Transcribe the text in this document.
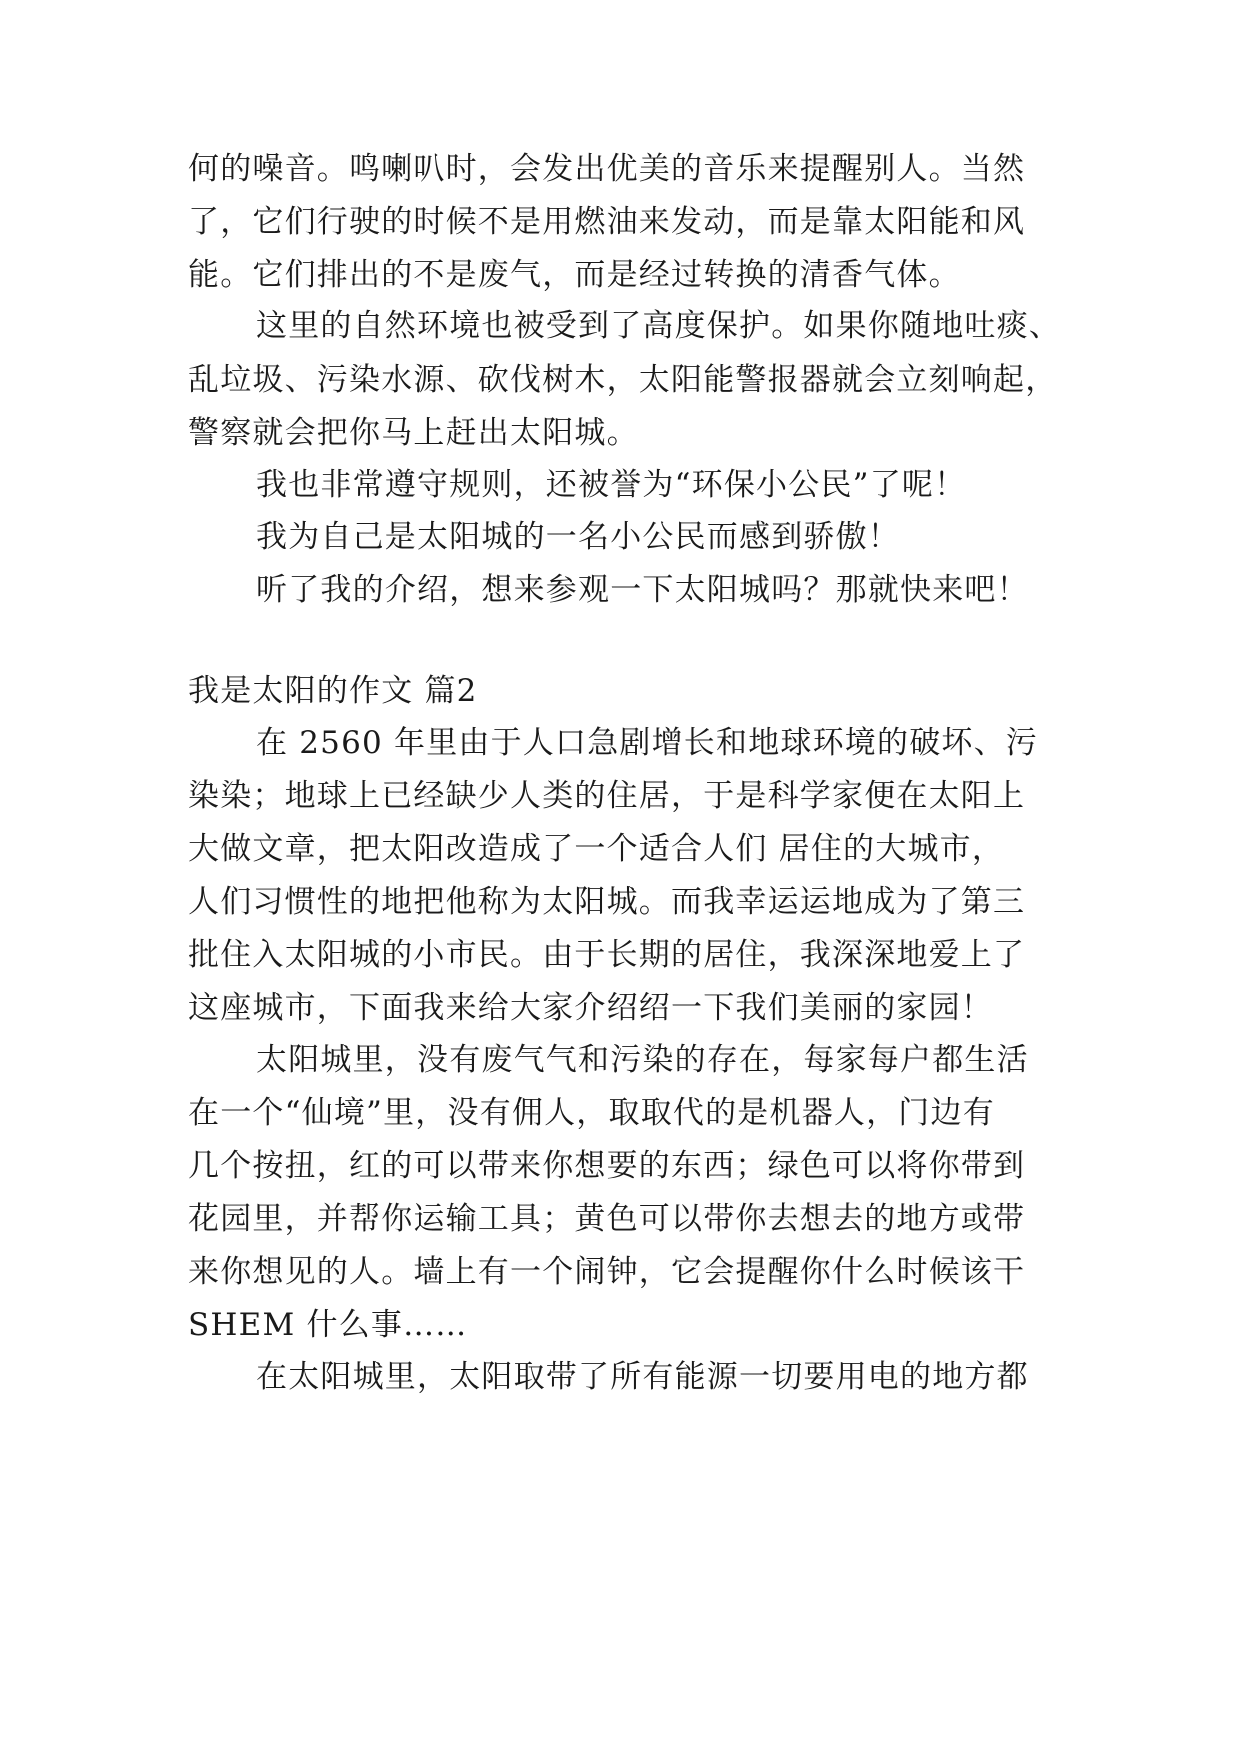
何的噪音。鸣喇叭时，会发出优美的音乐来提醒别人。当然
了，它们行驶的时候不是用燃油来发动，而是靠太阳能和风
能。它们排出的不是废气，而是经过转换的清香气体。
这里的自然环境也被受到了高度保护。如果你随地吐痰、
乱垃圾、污染水源、砍伐树木，太阳能警报器就会立刻响起，
警察就会把你马上赶出太阳城。
我也非常遵守规则，还被誉为“环保小公民”了呢！
我为自己是太阳城的一名小公民而感到骄傲！
听了我的介绍，想来参观一下太阳城吗？那就快来吧！
我是太阳的作文 篇2
在 2560 年里由于人口急剧增长和地球环境的破坏、污
染染；地球上已经缺少人类的住居，于是科学家便在太阳上
大做文章，把太阳改造成了一个适合人们 居住的大城市，
人们习惯性的地把他称为太阳城。而我幸运运地成为了第三
批住入太阳城的小市民。由于长期的居住，我深深地爱上了
这座城市，下面我来给大家介绍绍一下我们美丽的家园！
太阳城里，没有废气气和污染的存在，每家每户都生活
在一个“仙境”里，没有佣人，取取代的是机器人，门边有
几个按扭，红的可以带来你想要的东西；绿色可以将你带到
花园里，并帮你运输工具；黄色可以带你去想去的地方或带
来你想见的人。墙上有一个闹钟，它会提醒你什么时候该干
SHEM 什么事……
在太阳城里，太阳取带了所有能源一切要用电的地方都
